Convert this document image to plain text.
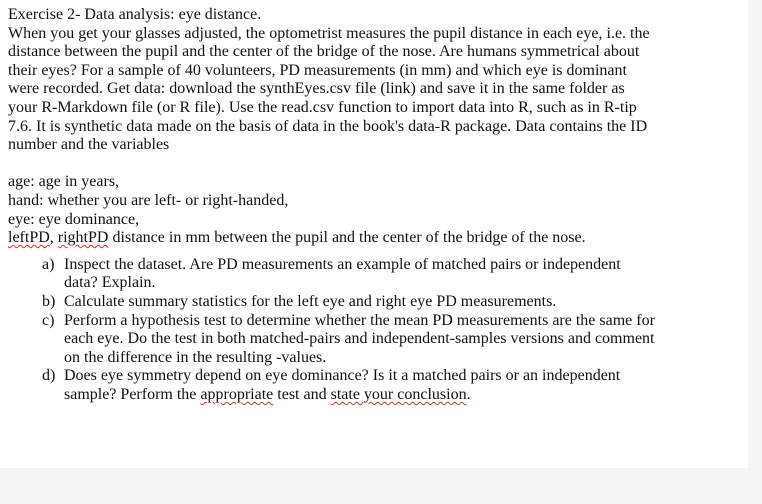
Exercise 2- Data analysis: eye distance.
When you get your glasses adjusted, the optometrist measures the pupil distance in each eye, i.e. the
distance between the pupil and the center of the bridge of the nose. Are humans symmetrical about
their eyes? For a sample of 40 volunteers, PD measurements (in mm) and which eye is dominant
were recorded. Get data: download the synthEyes.csv file (link) and save it in the same folder as
your R-Markdown file (or R file). Use the read.csv function to import data into R, such as in R-tip
7.6. It is synthetic data made on the basis of data in the book's data-R package. Data contains the ID
number and the variables
age: age in years,
hand: whether you are left- or right-handed,
eye: eye dominance,
leftPD, rightPD distance in mm between the pupil and the center of the bridge of the nose.
a) Inspect the dataset. Are PD measurements an example of matched pairs or independent
data? Explain.
b) Calculate summary statistics for the left eye and right eye PD measurements.
c) Perform a hypothesis test to determine whether the mean PD measurements are the same for
each eye. Do the test in both matched-pairs and independent-samples versions and comment
on the difference in the resulting -values.
d) Does eye symmetry depend on eye dominance? Is it a matched pairs or an independent
sample? Perform the appropriate test and state your conclusion.
